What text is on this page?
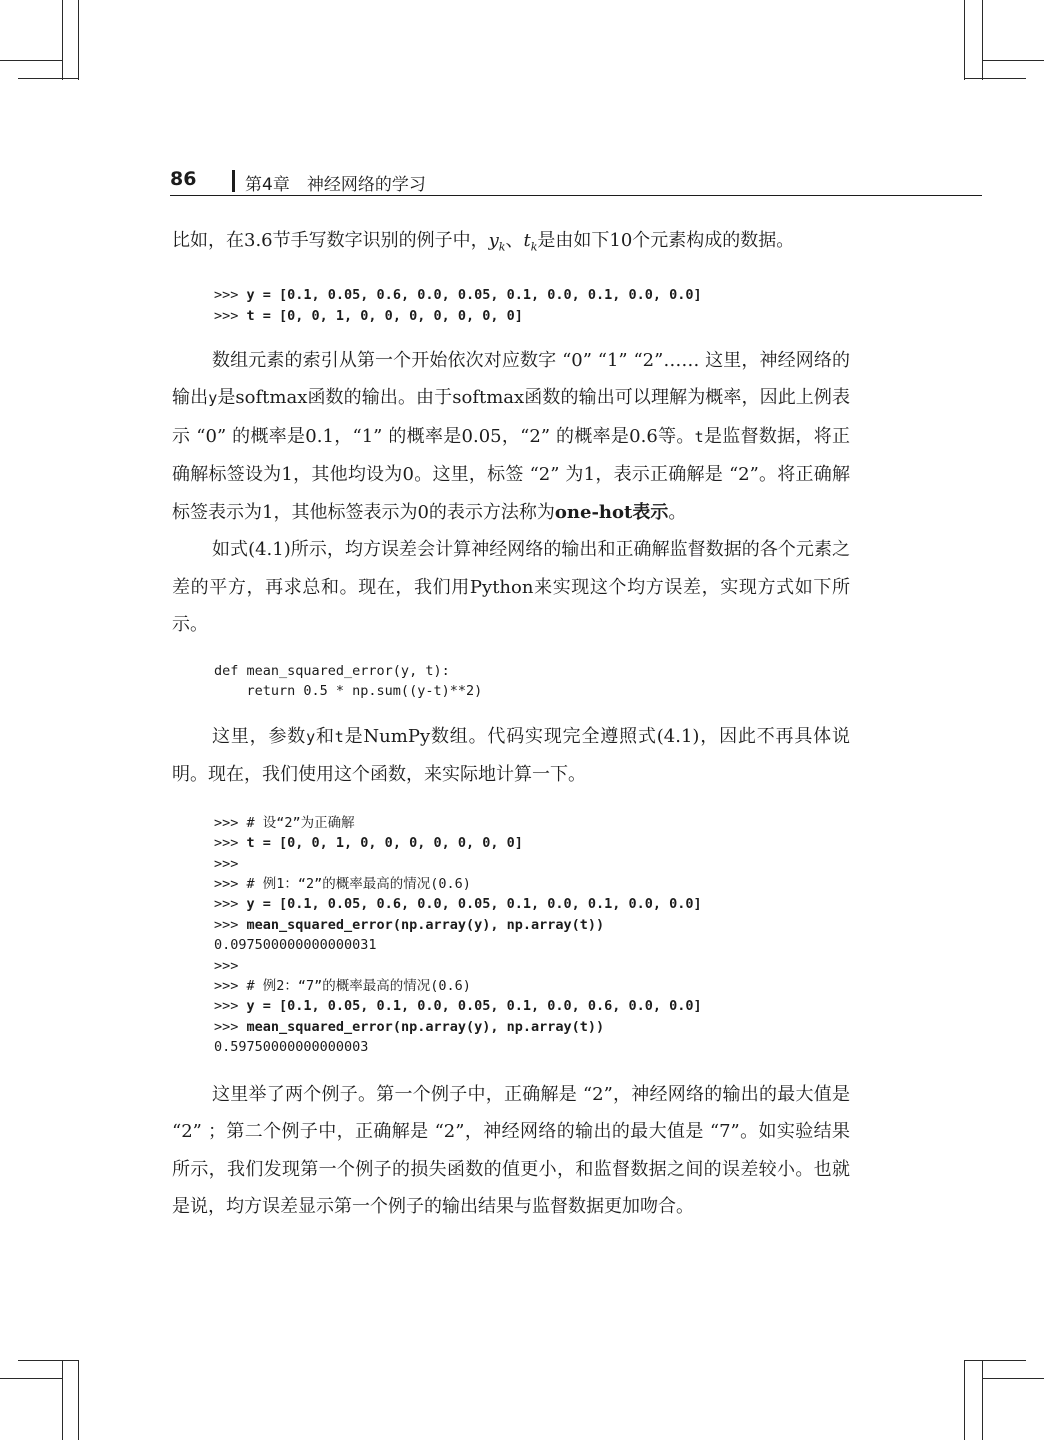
86	第4章　神经网络的学习

比如，在3.6节手写数字识别的例子中，$y_k$、$t_k$是由如下10个元素构成的数据。

>>> y = [0.1, 0.05, 0.6, 0.0, 0.05, 0.1, 0.0, 0.1, 0.0, 0.0]
>>> t = [0, 0, 1, 0, 0, 0, 0, 0, 0, 0]

数组元素的索引从第一个开始依次对应数字 “0” “1” “2”…… 这里，神经网络的输出y是softmax函数的输出。由于softmax函数的输出可以理解为概率，因此上例表示 “0” 的概率是0.1，“1” 的概率是0.05，“2” 的概率是0.6等。t是监督数据，将正确解标签设为1，其他均设为0。这里，标签 “2” 为1，表示正确解是 “2”。将正确解标签表示为1，其他标签表示为0的表示方法称为one-hot表示。

如式(4.1)所示，均方误差会计算神经网络的输出和正确解监督数据的各个元素之差的平方，再求总和。现在，我们用Python来实现这个均方误差，实现方式如下所示。

def mean_squared_error(y, t):
return 0.5 * np.sum((y-t)**2)

这里，参数y和t是NumPy数组。代码实现完全遵照式(4.1)，因此不再具体说明。现在，我们使用这个函数，来实际地计算一下。

>>> # 设“2”为正确解
>>> t = [0, 0, 1, 0, 0, 0, 0, 0, 0, 0]
>>>
>>> # 例1：“2”的概率最高的情况(0.6)
>>> y = [0.1, 0.05, 0.6, 0.0, 0.05, 0.1, 0.0, 0.1, 0.0, 0.0]
>>> mean_squared_error(np.array(y), np.array(t))
0.097500000000000031
>>>
>>> # 例2：“7”的概率最高的情况(0.6)
>>> y = [0.1, 0.05, 0.1, 0.0, 0.05, 0.1, 0.0, 0.6, 0.0, 0.0]
>>> mean_squared_error(np.array(y), np.array(t))
0.59750000000000003

这里举了两个例子。第一个例子中，正确解是 “2”，神经网络的输出的最大值是 “2” ；第二个例子中，正确解是 “2”，神经网络的输出的最大值是 “7”。如实验结果所示，我们发现第一个例子的损失函数的值更小，和监督数据之间的误差较小。也就是说，均方误差显示第一个例子的输出结果与监督数据更加吻合。
